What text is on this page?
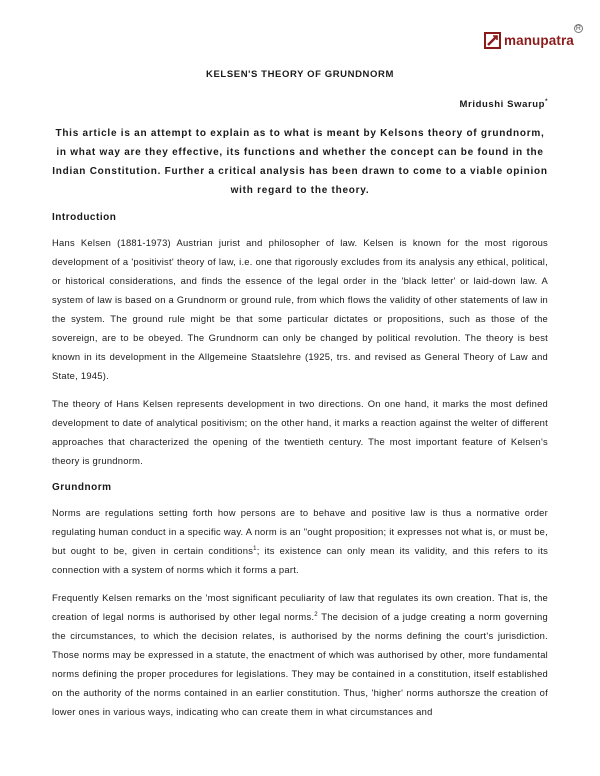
manupatra
R
KELSEN'S THEORY OF GRUNDNORM
Mridushi Swarup*
This article is an attempt to explain as to what is meant by Kelsons theory of grundnorm, in what way are they effective, its functions and whether the concept can be found in the Indian Constitution. Further a critical analysis has been drawn to come to a viable opinion with regard to the theory.
Introduction
Hans Kelsen (1881-1973) Austrian jurist and philosopher of law. Kelsen is known for the most rigorous development of a 'positivist' theory of law, i.e. one that rigorously excludes from its analysis any ethical, political, or historical considerations, and finds the essence of the legal order in the 'black letter' or laid-down law. A system of law is based on a Grundnorm or ground rule, from which flows the validity of other statements of law in the system. The ground rule might be that some particular dictates or propositions, such as those of the sovereign, are to be obeyed. The Grundnorm can only be changed by political revolution. The theory is best known in its development in the Allgemeine Staatslehre (1925, trs. and revised as General Theory of Law and State, 1945).
The theory of Hans Kelsen represents development in two directions. On one hand, it marks the most defined development to date of analytical positivism; on the other hand, it marks a reaction against the welter of different approaches that characterized the opening of the twentieth century. The most important feature of Kelsen's theory is grundnorm.
Grundnorm
Norms are regulations setting forth how persons are to behave and positive law is thus a normative order regulating human conduct in a specific way. A norm is an "ought proposition; it expresses not what is, or must be, but ought to be, given in certain conditions$^1$; its existence can only mean its validity, and this refers to its connection with a system of norms which it forms a part.
Frequently Kelsen remarks on the 'most significant peculiarity of law that regulates its own creation. That is, the creation of legal norms is authorised by other legal norms.$^2$ The decision of a judge creating a norm governing the circumstances, to which the decision relates, is authorised by the norms defining the court's jurisdiction. Those norms may be expressed in a statute, the enactment of which was authorised by other, more fundamental norms defining the proper procedures for legislations. They may be contained in a constitution, itself established on the authority of the norms contained in an earlier constitution. Thus, 'higher' norms authorsze the creation of lower ones in various ways, indicating who can create them in what circumstances and
